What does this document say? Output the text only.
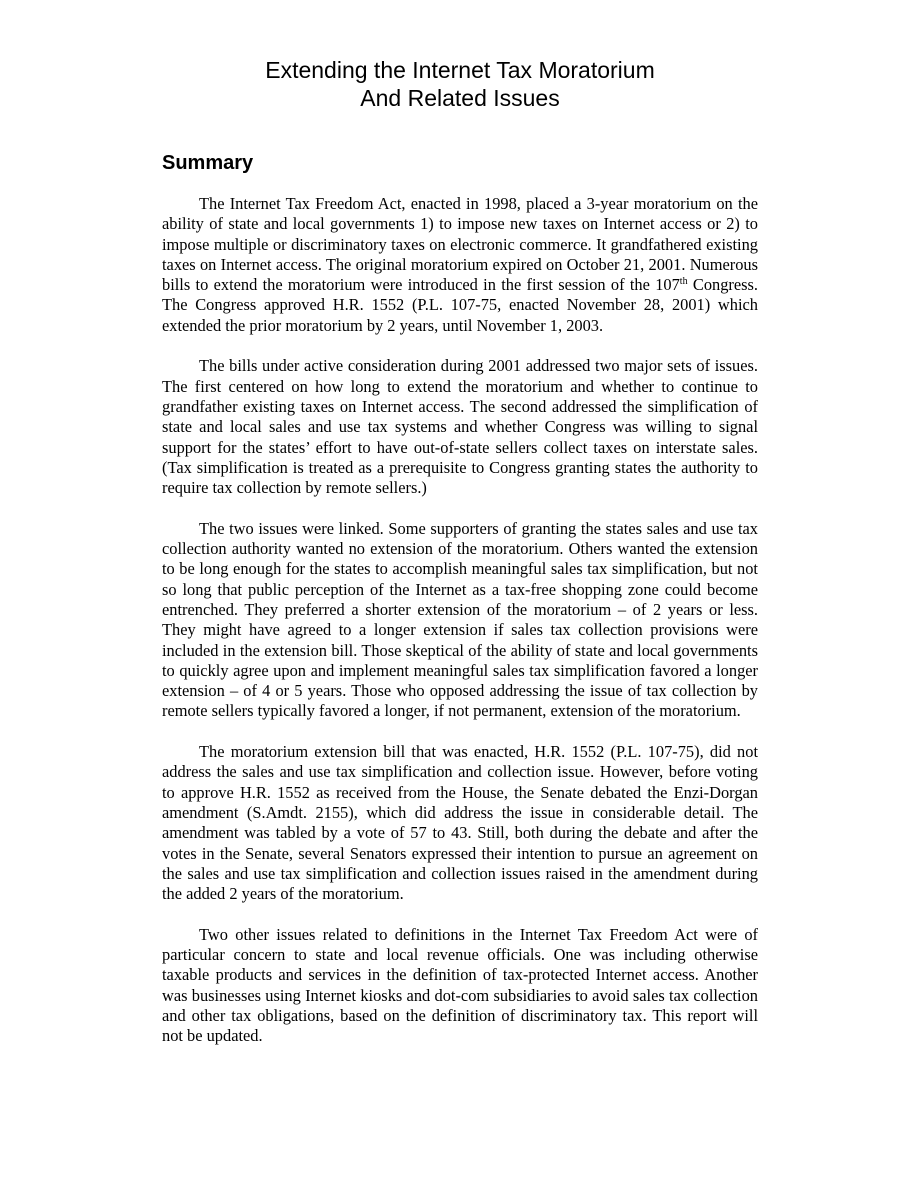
Extending the Internet Tax Moratorium
And Related Issues
Summary

The Internet Tax Freedom Act, enacted in 1998, placed a 3-year moratorium on the ability of state and local governments 1) to impose new taxes on Internet access or 2) to impose multiple or discriminatory taxes on electronic commerce. It grandfathered existing taxes on Internet access. The original moratorium expired on October 21, 2001. Numerous bills to extend the moratorium were introduced in the first session of the 107th Congress. The Congress approved H.R. 1552 (P.L. 107-75, enacted November 28, 2001) which extended the prior moratorium by 2 years, until November 1, 2003.

The bills under active consideration during 2001 addressed two major sets of issues. The first centered on how long to extend the moratorium and whether to continue to grandfather existing taxes on Internet access. The second addressed the simplification of state and local sales and use tax systems and whether Congress was willing to signal support for the states’ effort to have out-of-state sellers collect taxes on interstate sales. (Tax simplification is treated as a prerequisite to Congress granting states the authority to require tax collection by remote sellers.)

The two issues were linked. Some supporters of granting the states sales and use tax collection authority wanted no extension of the moratorium. Others wanted the extension to be long enough for the states to accomplish meaningful sales tax simplification, but not so long that public perception of the Internet as a tax-free shopping zone could become entrenched. They preferred a shorter extension of the moratorium – of 2 years or less. They might have agreed to a longer extension if sales tax collection provisions were included in the extension bill. Those skeptical of the ability of state and local governments to quickly agree upon and implement meaningful sales tax simplification favored a longer extension – of 4 or 5 years. Those who opposed addressing the issue of tax collection by remote sellers typically favored a longer, if not permanent, extension of the moratorium.

The moratorium extension bill that was enacted, H.R. 1552 (P.L. 107-75), did not address the sales and use tax simplification and collection issue. However, before voting to approve H.R. 1552 as received from the House, the Senate debated the Enzi-Dorgan amendment (S.Amdt. 2155), which did address the issue in considerable detail. The amendment was tabled by a vote of 57 to 43. Still, both during the debate and after the votes in the Senate, several Senators expressed their intention to pursue an agreement on the sales and use tax simplification and collection issues raised in the amendment during the added 2 years of the moratorium.

Two other issues related to definitions in the Internet Tax Freedom Act were of particular concern to state and local revenue officials. One was including otherwise taxable products and services in the definition of tax-protected Internet access. Another was businesses using Internet kiosks and dot-com subsidiaries to avoid sales tax collection and other tax obligations, based on the definition of discriminatory tax. This report will not be updated.
